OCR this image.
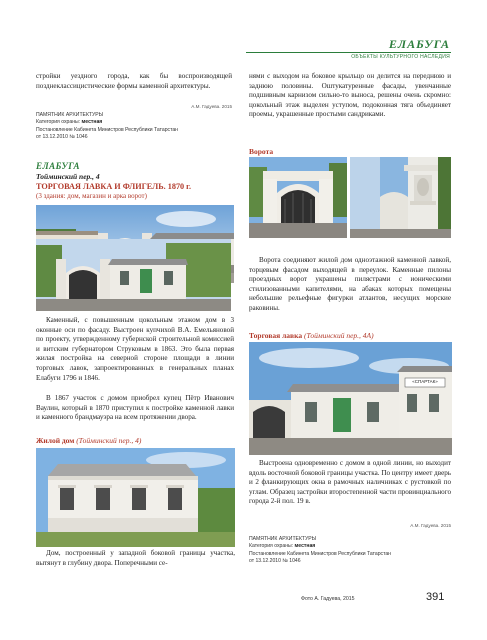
ЕЛАБУГА
ОБЪЕКТЫ КУЛЬТУРНОГО НАСЛЕДИЯ
стройки уездного города, как бы воспроизводящей позднеклассицистические формы каменной архитектуры.
А.М. Гадуева. 2015
ПАМЯТНИК АРХИТЕКТУРЫ
Категория охраны: местная
Постановление Кабинета Министров Республики Татарстан
от 13.12.2010 № 1046
нями с выходом на боковое крыльцо он делится на переднюю и заднюю половины. Оштукатуренные фасады, увенчанные подшивным карнизом сильно-то выноса, решены очень скромно: цокольный этаж выделен уступом, подоконная тяга объединяет проемы, украшенные простыми сандриками.
Ворота
ЕЛАБУГА
Тойминский пер., 4
ТОРГОВАЯ ЛАВКА И ФЛИГЕЛЬ. 1870 г.
(3 здания: дом, магазин и арка ворот)
Каменный, с повышенным цокольным этажом дом в 3 оконные оси по фасаду. Выстроен купчихой В.А. Емельяновой по проекту, утвержденному губернской строительной комиссией и витским губернатором Струковым в 1863. Это была первая жилая постройка на северной стороне площади в линии торговых лавок, запроектированных в генеральных планах Елабуги 1796 и 1846.
В 1867 участок с домом приобрел купец Пётр Иванович Ваулин, который в 1870 приступил к постройке каменной лавки и каменного брандмауэра на всем протяжении двора.
Жилой дом (Тойминский пер., 4)
Дом, построенный у западной боковой границы участка, вытянут в глубину двора. Поперечными се-
Ворота соединяют жилой дом одноэтажной каменной лавкой, торцевым фасадом выходящей в переулок. Каменные пилоны проездных ворот украшены пилястрами с ионическими стилизованными капителями, на абаках которых помещены небольшие рельефные фигурки атлантов, несущих морские раковины.
Торговая лавка (Тойминский пер., 4А)
«СПАРТАК»
Выстроена одновременно с домом в одной линии, но выходит вдоль восточной боковой границы участка. По центру имеет дверь и 2 фланкирующих окна в рамочных наличниках с руcтовкой по углам. Образец застройки второстепенной части провинциального города 2-й пол. 19 в.
А.М. Гадуева. 2015
ПАМЯТНИК АРХИТЕКТУРЫ
Категория охраны: местная
Постановление Кабинета Министров Республики Татарстан
от 13.12.2010 № 1046
Фото А. Гадуева, 2015	391
